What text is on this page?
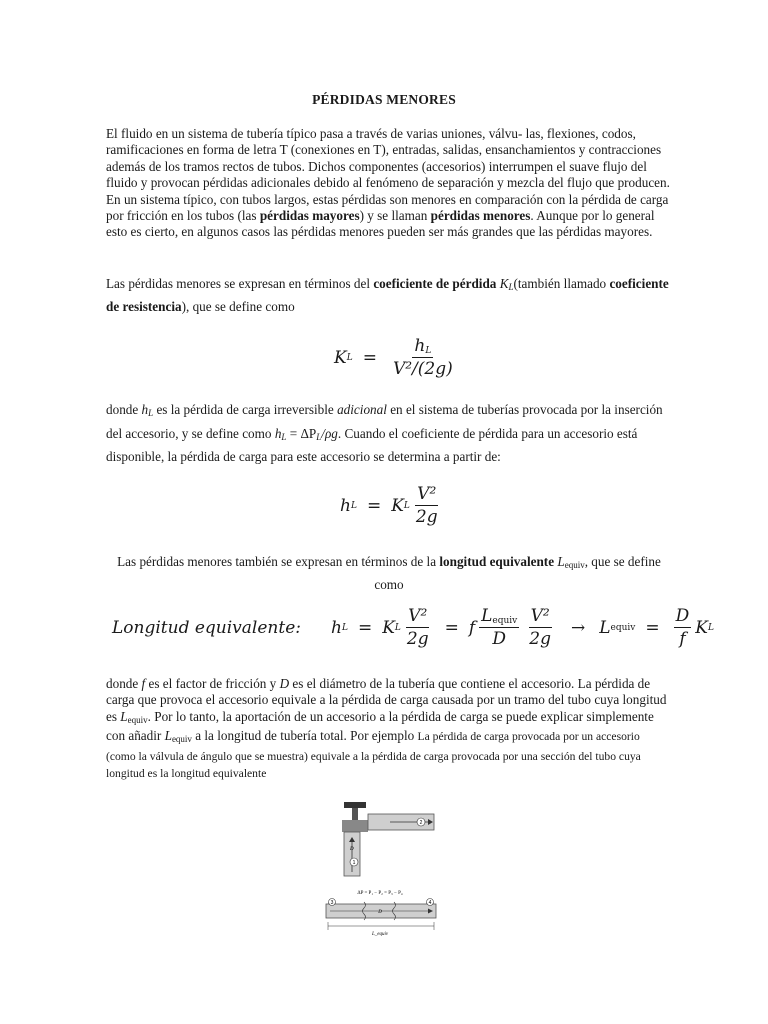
PÉRDIDAS MENORES
El fluido en un sistema de tubería típico pasa a través de varias uniones, válvu- las, flexiones, codos, ramificaciones en forma de letra T (conexiones en T), entradas, salidas, ensanchamientos y contracciones además de los tramos rectos de tubos. Dichos componentes (accesorios) interrumpen el suave flujo del fluido y provocan pérdidas adicionales debido al fenómeno de separación y mezcla del flujo que producen. En un sistema típico, con tubos largos, estas pérdidas son menores en comparación con la pérdida de carga por fricción en los tubos (las pérdidas mayores) y se llaman pérdidas menores. Aunque por lo general esto es cierto, en algunos casos las pérdidas menores pueden ser más grandes que las pérdidas mayores.
Las pérdidas menores se expresan en términos del coeficiente de pérdida $K_L(también$ llamado coeficiente de resistencia), que se define como
K $L = \frac{h_L}{\text{V²/(2g)}}$
donde $h_L$ es la pérdida de carga irreversible adicional en el sistema de tuberías provocada por la inserción del accesorio, y se define como $h_L = \Delta P_L/\rho g$. Cuando el coeficiente de pérdida para un accesorio está disponible, la pérdida de carga para este accesorio se determina a partir de:
h L = K L $\frac{\text{V²}}{2g}$
Las pérdidas menores también se expresan en términos de la longitud equivalente $L_{equiv}$, que se define como
Longitud equivalente: h L = K L $\frac{\text{V²}}{2g} = f \frac{L_{equiv}}{D} \frac{\text{V²}}{2g} \to L$ equiv = $\frac{D}{f}$ K L
donde f es el factor de fricción y D es el diámetro de la tubería que contiene el accesorio. La pérdida de carga que provoca el accesorio equivale a la pérdida de carga causada por un tramo del tubo cuya longitud es $L_{equiv}$. Por lo tanto, la aportación de un accesorio a la pérdida de carga se puede explicar simplemente con añadir $L_{equiv}$ a la longitud de tubería total. Por ejemplo La pérdida de carga provocada por un accesorio (como la válvula de ángulo que se muestra) equivale a la pérdida de carga provocada por una sección del tubo cuya longitud es la longitud equivalente
1
2
D
ΔP = P₁ − P₂ = P₃ − P₄
3	4
D
L_equiv
